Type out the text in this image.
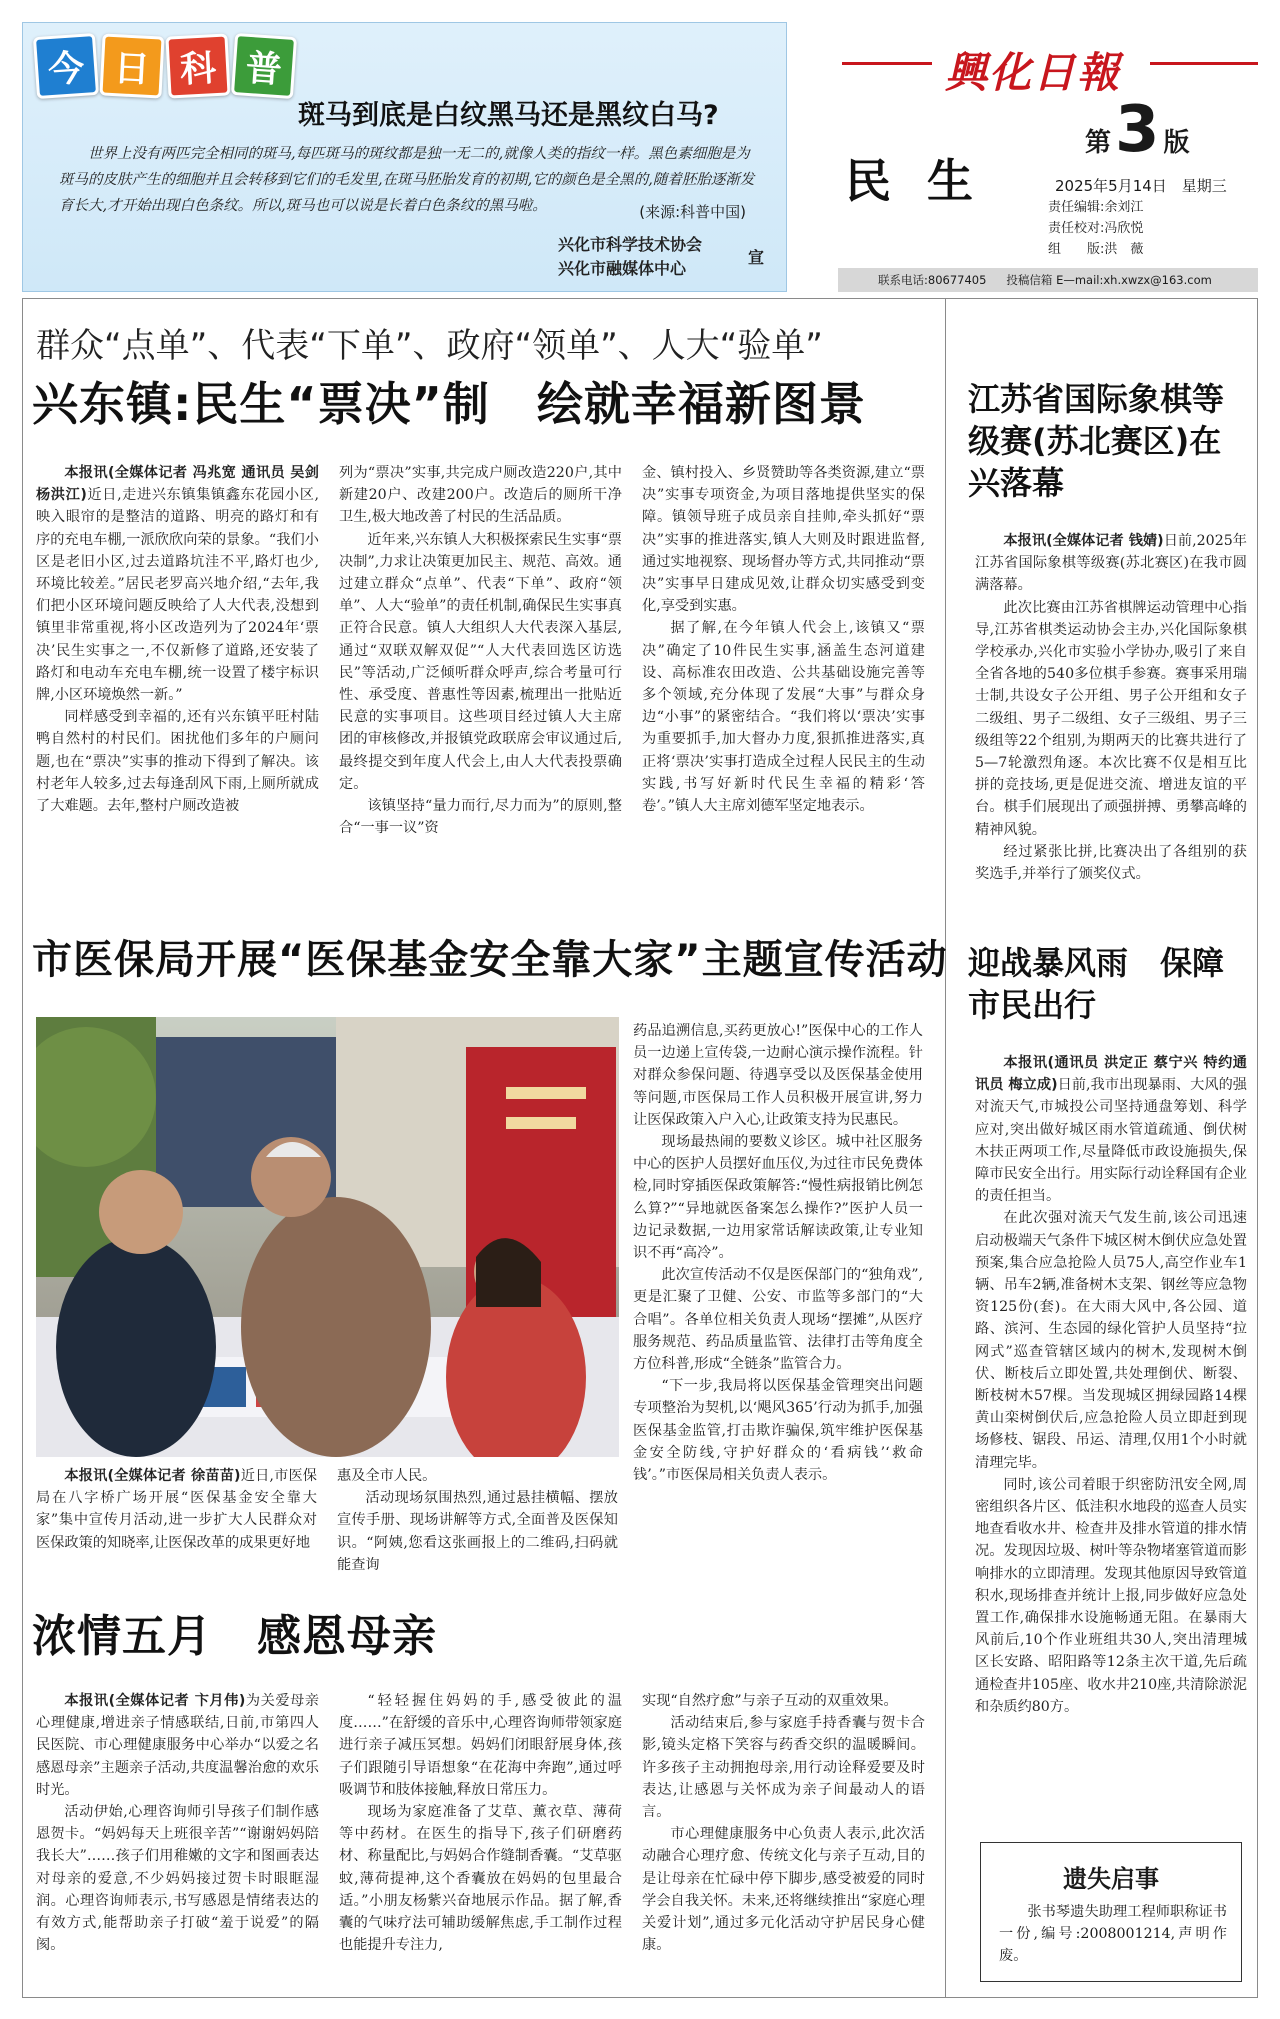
今 日 科 普
斑马到底是白纹黑马还是黑纹白马?
世界上没有两匹完全相同的斑马,每匹斑马的斑纹都是独一无二的,就像人类的指纹一样。黑色素细胞是为斑马的皮肤产生的细胞并且会转移到它们的毛发里,在斑马胚胎发育的初期,它的颜色是全黑的,随着胚胎逐渐发育长大,才开始出现白色条纹。所以,斑马也可以说是长着白色条纹的黑马啦。	(来源:科普中国)
兴化市科学技术协会
兴化市融媒体中心
宣
興化日報
民生
第 3 版
2025年5月14日　星期三
责任编辑:余刘江
责任校对:冯欣悦
组　　版:洪　薇
联系电话:80677405 投稿信箱 E—mail:xh.xwzx@163.com
群众“点单”、代表“下单”、政府“领单”、人大“验单”
兴东镇:民生“票决”制　绘就幸福新图景

本报讯(全媒体记者 冯兆宽 通讯员 吴剑 杨洪江)近日,走进兴东镇集镇鑫东花园小区,映入眼帘的是整洁的道路、明亮的路灯和有序的充电车棚,一派欣欣向荣的景象。“我们小区是老旧小区,过去道路坑洼不平,路灯也少,环境比较差。”居民老罗高兴地介绍,“去年,我们把小区环境问题反映给了人大代表,没想到镇里非常重视,将小区改造列为了2024年‘票决’民生实事之一,不仅新修了道路,还安装了路灯和电动车充电车棚,统一设置了楼宇标识牌,小区环境焕然一新。”

同样感受到幸福的,还有兴东镇平旺村陆鸭自然村的村民们。困扰他们多年的户厕问题,也在“票决”实事的推动下得到了解决。该村老年人较多,过去每逢刮风下雨,上厕所就成了大难题。去年,整村户厕改造被

列为“票决”实事,共完成户厕改造220户,其中新建20户、改建200户。改造后的厕所干净卫生,极大地改善了村民的生活品质。

近年来,兴东镇人大积极探索民生实事“票决制”,力求让决策更加民主、规范、高效。通过建立群众“点单”、代表“下单”、政府“领单”、人大“验单”的责任机制,确保民生实事真正符合民意。镇人大组织人大代表深入基层,通过“双联双解双促”“人大代表回选区访选民”等活动,广泛倾听群众呼声,综合考量可行性、承受度、普惠性等因素,梳理出一批贴近民意的实事项目。这些项目经过镇人大主席团的审核修改,并报镇党政联席会审议通过后,最终提交到年度人代会上,由人大代表投票确定。

该镇坚持“量力而行,尽力而为”的原则,整合“一事一议”资

金、镇村投入、乡贤赞助等各类资源,建立“票决”实事专项资金,为项目落地提供坚实的保障。镇领导班子成员亲自挂帅,牵头抓好“票决”实事的推进落实,镇人大则及时跟进监督,通过实地视察、现场督办等方式,共同推动“票决”实事早日建成见效,让群众切实感受到变化,享受到实惠。

据了解,在今年镇人代会上,该镇又“票决”确定了10件民生实事,涵盖生态河道建设、高标准农田改造、公共基础设施完善等多个领域,充分体现了发展“大事”与群众身边“小事”的紧密结合。“我们将以‘票决’实事为重要抓手,加大督办力度,狠抓推进落实,真正将‘票决’实事打造成全过程人民民主的生动实践,书写好新时代民生幸福的精彩‘答卷’。”镇人大主席刘德军坚定地表示。

市医保局开展“医保基金安全靠大家”主题宣传活动

药品追溯信息,买药更放心!”医保中心的工作人员一边递上宣传袋,一边耐心演示操作流程。针对群众参保问题、待遇享受以及医保基金使用等问题,市医保局工作人员积极开展宣讲,努力让医保政策入户入心,让政策支持为民惠民。

现场最热闹的要数义诊区。城中社区服务中心的医护人员摆好血压仪,为过往市民免费体检,同时穿插医保政策解答:“慢性病报销比例怎么算?”“异地就医备案怎么操作?”医护人员一边记录数据,一边用家常话解读政策,让专业知识不再“高冷”。

此次宣传活动不仅是医保部门的“独角戏”,更是汇聚了卫健、公安、市监等多部门的“大合唱”。各单位相关负责人现场“摆摊”,从医疗服务规范、药品质量监管、法律打击等角度全方位科普,形成“全链条”监管合力。

“下一步,我局将以医保基金管理突出问题专项整治为契机,以‘飓风365’行动为抓手,加强医保基金监管,打击欺诈骗保,筑牢维护医保基金安全防线,守护好群众的‘看病钱’‘救命钱’。”市医保局相关负责人表示。

本报讯(全媒体记者 徐苗苗)近日,市医保局在八字桥广场开展“医保基金安全靠大家”集中宣传月活动,进一步扩大人民群众对医保政策的知晓率,让医保改革的成果更好地

惠及全市人民。

活动现场氛围热烈,通过悬挂横幅、摆放宣传手册、现场讲解等方式,全面普及医保知识。“阿姨,您看这张画报上的二维码,扫码就能查询

浓情五月　感恩母亲

本报讯(全媒体记者 卞月伟)为关爱母亲心理健康,增进亲子情感联结,日前,市第四人民医院、市心理健康服务中心举办“以爱之名 感恩母亲”主题亲子活动,共度温馨治愈的欢乐时光。

活动伊始,心理咨询师引导孩子们制作感恩贺卡。“妈妈每天上班很辛苦”“谢谢妈妈陪我长大”……孩子们用稚嫩的文字和图画表达对母亲的爱意,不少妈妈接过贺卡时眼眶湿润。心理咨询师表示,书写感恩是情绪表达的有效方式,能帮助亲子打破“羞于说爱”的隔阂。

“轻轻握住妈妈的手,感受彼此的温度……”在舒缓的音乐中,心理咨询师带领家庭进行亲子减压冥想。妈妈们闭眼舒展身体,孩子们跟随引导语想象“在花海中奔跑”,通过呼吸调节和肢体接触,释放日常压力。

现场为家庭准备了艾草、薰衣草、薄荷等中药材。在医生的指导下,孩子们研磨药材、称量配比,与妈妈合作缝制香囊。“艾草驱蚊,薄荷提神,这个香囊放在妈妈的包里最合适。”小朋友杨紫兴奋地展示作品。据了解,香囊的气味疗法可辅助缓解焦虑,手工制作过程也能提升专注力,

实现“自然疗愈”与亲子互动的双重效果。

活动结束后,参与家庭手持香囊与贺卡合影,镜头定格下笑容与药香交织的温暖瞬间。许多孩子主动拥抱母亲,用行动诠释爱要及时表达,让感恩与关怀成为亲子间最动人的语言。

市心理健康服务中心负责人表示,此次活动融合心理疗愈、传统文化与亲子互动,目的是让母亲在忙碌中停下脚步,感受被爱的同时学会自我关怀。未来,还将继续推出“家庭心理关爱计划”,通过多元化活动守护居民身心健康。

江苏省国际象棋等级赛(苏北赛区)在兴落幕

本报讯(全媒体记者 钱婧)日前,2025年江苏省国际象棋等级赛(苏北赛区)在我市圆满落幕。

此次比赛由江苏省棋牌运动管理中心指导,江苏省棋类运动协会主办,兴化国际象棋学校承办,兴化市实验小学协办,吸引了来自全省各地的540多位棋手参赛。赛事采用瑞士制,共设女子公开组、男子公开组和女子二级组、男子二级组、女子三级组、男子三级组等22个组别,为期两天的比赛共进行了5—7轮激烈角逐。本次比赛不仅是相互比拼的竞技场,更是促进交流、增进友谊的平台。棋手们展现出了顽强拼搏、勇攀高峰的精神风貌。

经过紧张比拼,比赛决出了各组别的获奖选手,并举行了颁奖仪式。

迎战暴风雨　保障市民出行

本报讯(通讯员 洪定正 蔡宁兴 特约通讯员 梅立成)日前,我市出现暴雨、大风的强对流天气,市城投公司坚持通盘筹划、科学应对,突出做好城区雨水管道疏通、倒伏树木扶正两项工作,尽量降低市政设施损失,保障市民安全出行。用实际行动诠释国有企业的责任担当。

在此次强对流天气发生前,该公司迅速启动极端天气条件下城区树木倒伏应急处置预案,集合应急抢险人员75人,高空作业车1辆、吊车2辆,准备树木支架、钢丝等应急物资125份(套)。在大雨大风中,各公园、道路、滨河、生态园的绿化管护人员坚持“拉网式”巡查管辖区域内的树木,发现树木倒伏、断枝后立即处置,共处理倒伏、断裂、断枝树木57棵。当发现城区拥绿园路14棵黄山栾树倒伏后,应急抢险人员立即赶到现场修枝、锯段、吊运、清理,仅用1个小时就清理完毕。

同时,该公司着眼于织密防汛安全网,周密组织各片区、低洼积水地段的巡查人员实地查看收水井、检查井及排水管道的排水情况。发现因垃圾、树叶等杂物堵塞管道而影响排水的立即清理。发现其他原因导致管道积水,现场排查并统计上报,同步做好应急处置工作,确保排水设施畅通无阻。在暴雨大风前后,10个作业班组共30人,突出清理城区长安路、昭阳路等12条主次干道,先后疏通检查井105座、收水井210座,共清除淤泥和杂质约80方。

遗失启事
张书琴遗失助理工程师职称证书一份,编号:2008001214,声明作废。
